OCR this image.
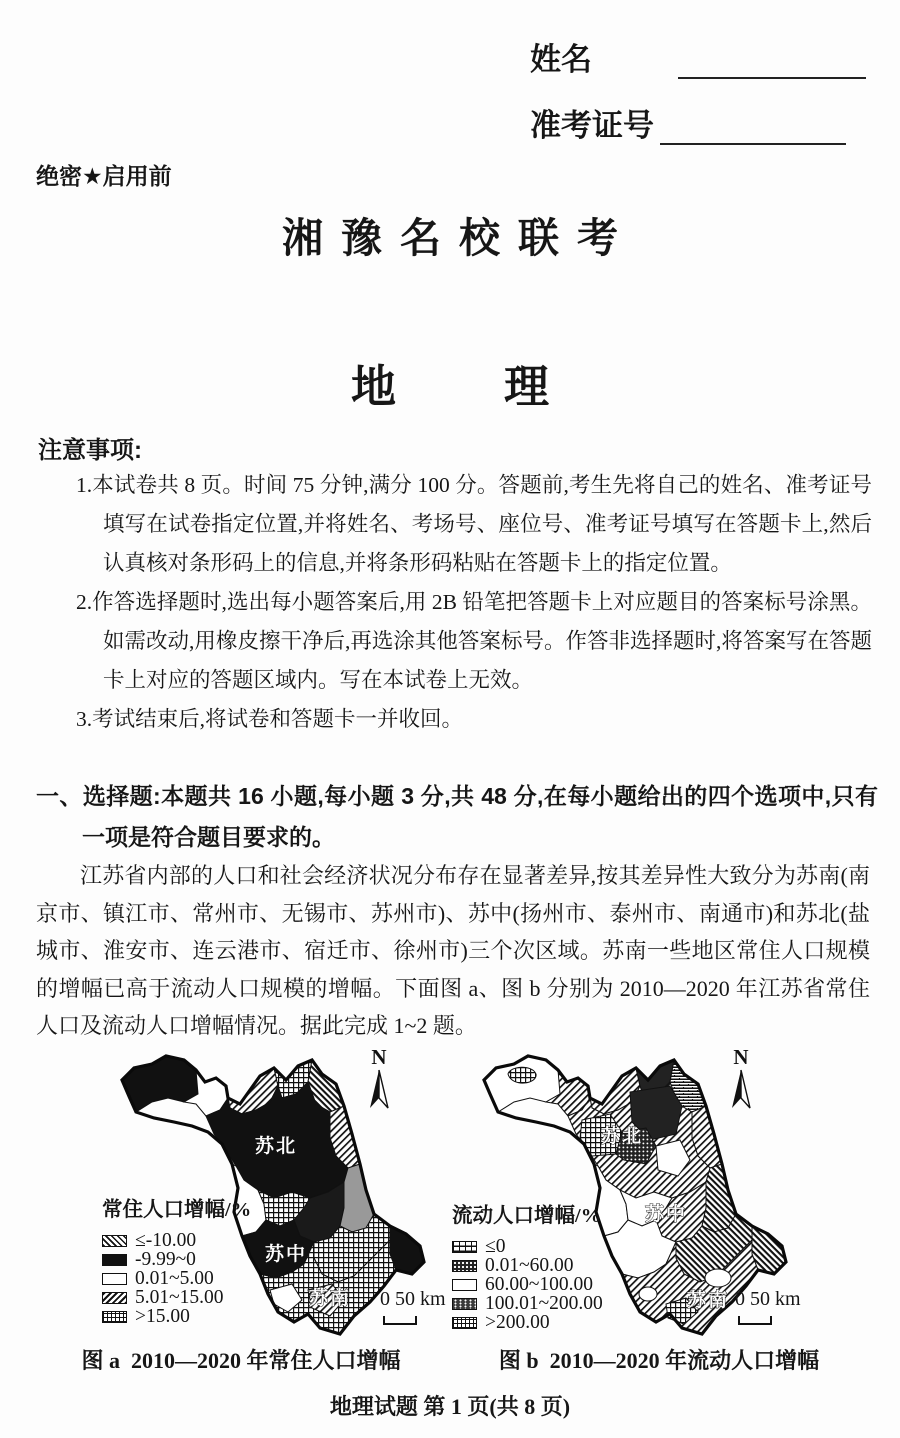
姓名
准考证号
绝密★启用前
湘豫名校联考
地理
注意事项:
1.本试卷共 8 页。时间 75 分钟,满分 100 分。答题前,考生先将自己的姓名、准考证号填写在试卷指定位置,并将姓名、考场号、座位号、准考证号填写在答题卡上,然后认真核对条形码上的信息,并将条形码粘贴在答题卡上的指定位置。
2.作答选择题时,选出每小题答案后,用 2B 铅笔把答题卡上对应题目的答案标号涂黑。如需改动,用橡皮擦干净后,再选涂其他答案标号。作答非选择题时,将答案写在答题卡上对应的答题区域内。写在本试卷上无效。
3.考试结束后,将试卷和答题卡一并收回。
一、选择题:本题共 16 小题,每小题 3 分,共 48 分,在每小题给出的四个选项中,只有一项是符合题目要求的。
江苏省内部的人口和社会经济状况分布存在显著差异,按其差异性大致分为苏南(南京市、镇江市、常州市、无锡市、苏州市)、苏中(扬州市、泰州市、南通市)和苏北(盐城市、淮安市、连云港市、宿迁市、徐州市)三个次区域。苏南一些地区常住人口规模的增幅已高于流动人口规模的增幅。下面图 a、图 b 分别为 2010—2020 年江苏省常住人口及流动人口增幅情况。据此完成 1~2 题。
苏北
苏中
苏南
N
常住人口增幅/%
≤-10.00
-9.99~0
0.01~5.00
5.01~15.00
>15.00
0 50 km
苏北
苏中
苏南
N
流动人口增幅/%
≤0
0.01~60.00
60.00~100.00
100.01~200.00
>200.00
0 50 km
图 a  2010—2020 年常住人口增幅	图 b  2010—2020 年流动人口增幅
地理试题 第 1 页(共 8 页)
